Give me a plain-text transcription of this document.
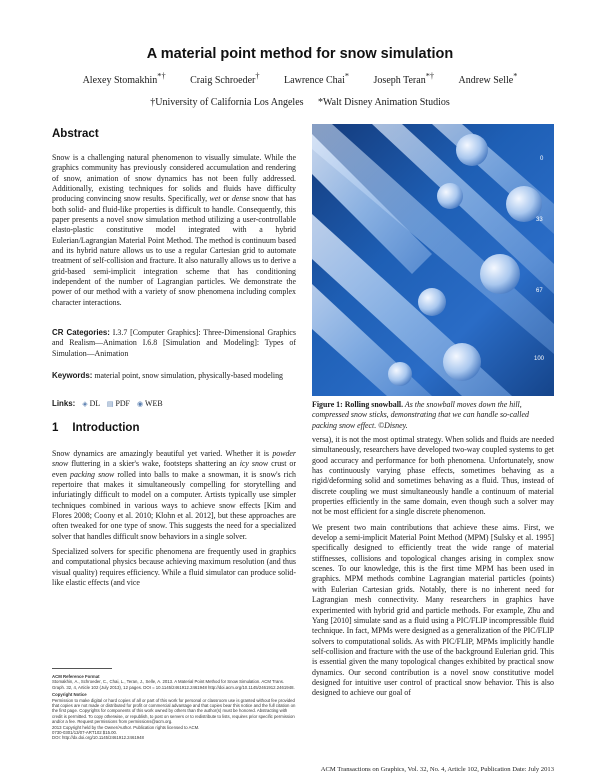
A material point method for snow simulation
Alexey Stomakhin*† Craig Schroeder† Lawrence Chai* Joseph Teran*† Andrew Selle*
†University of California Los Angeles *Walt Disney Animation Studios
Abstract
Snow is a challenging natural phenomenon to visually simulate. While the graphics community has previously considered accumulation and rendering of snow, animation of snow dynamics has not been fully addressed. Additionally, existing techniques for solids and fluids have difficulty producing convincing snow results. Specifically, wet or dense snow that has both solid- and fluid-like properties is difficult to handle. Consequently, this paper presents a novel snow simulation method utilizing a user-controllable elasto-plastic constitutive model integrated with a hybrid Eulerian/Lagrangian Material Point Method. The method is continuum based and its hybrid nature allows us to use a regular Cartesian grid to automate treatment of self-collision and fracture. It also naturally allows us to derive a grid-based semi-implicit integration scheme that has conditioning independent of the number of Lagrangian particles. We demonstrate the power of our method with a variety of snow phenomena including complex character interactions.
CR Categories: I.3.7 [Computer Graphics]: Three-Dimensional Graphics and Realism—Animation I.6.8 [Simulation and Modeling]: Types of Simulation—Animation
Keywords: material point, snow simulation, physically-based modeling
Links: ◈ DL ▤ PDF ◉ WEB
1 Introduction

Snow dynamics are amazingly beautiful yet varied. Whether it is powder snow fluttering in a skier's wake, footsteps shattering an icy snow crust or even packing snow rolled into balls to make a snowman, it is snow's rich repertoire that makes it simultaneously compelling for storytelling and infuriatingly difficult to model on a computer. Artists typically use simpler techniques combined in various ways to achieve snow effects [Kim and Flores 2008; Coony et al. 2010; Klohn et al. 2012], but these approaches are often tweaked for one type of snow. This suggests the need for a specialized solver that handles difficult snow behaviors in a single solver.

Specialized solvers for specific phenomena are frequently used in graphics and computational physics because achieving maximum resolution (and thus visual quality) requires efficiency. While a fluid simulator can produce solid-like elastic effects (and vice

ACM Reference Format
Stomakhin, A., Schroeder, C., Chai, L., Teran, J., Selle, A. 2013. A Material Point Method for Snow Simulation. ACM Trans. Graph. 32, 4, Article 102 (July 2013), 12 pages. DOI = 10.1145/2461912.2461948 http://doi.acm.org/10.1145/2461912.2461948.
Copyright Notice
Permission to make digital or hard copies of all or part of this work for personal or classroom use is granted without fee provided that copies are not made or distributed for profit or commercial advantage and that copies bear this notice and the full citation on the first page. Copyrights for components of this work owned by others than the author(s) must be honored. Abstracting with credit is permitted. To copy otherwise, or republish, to post on servers or to redistribute to lists, requires prior specific permission and/or a fee. Request permissions from permissions@acm.org.
2013 Copyright held by the Owner/Author. Publication rights licensed to ACM.
0730-0301/13/07-ART102 $15.00.
DOI: http://dx.doi.org/10.1145/2461912.2461948
0
33
67
100
Figure 1: Rolling snowball. As the snowball moves down the hill, compressed snow sticks, demonstrating that we can handle so-called packing snow effect. ©Disney.

versa), it is not the most optimal strategy. When solids and fluids are needed simultaneously, researchers have developed two-way coupled systems to get good accuracy and performance for both phenomena. Unfortunately, snow has continuously varying phase effects, sometimes behaving as a rigid/deforming solid and sometimes behaving as a fluid. Thus, instead of discrete coupling we must simultaneously handle a continuum of material properties efficiently in the same domain, even though such a solver may not be most efficient for a single discrete phenomenon.

We present two main contributions that achieve these aims. First, we develop a semi-implicit Material Point Method (MPM) [Sulsky et al. 1995] specifically designed to efficiently treat the wide range of material stiffnesses, collisions and topological changes arising in complex snow scenes. To our knowledge, this is the first time MPM has been used in graphics. MPM methods combine Lagrangian material particles (points) with Eulerian Cartesian grids. Notably, there is no inherent need for Lagrangian mesh connectivity. Many researchers in graphics have experimented with hybrid grid and particle methods. For example, Zhu and Yang [2010] simulate sand as a fluid using a PIC/FLIP incompressible fluid technique. In fact, MPMs were designed as a generalization of the PIC/FLIP solvers to computational solids. As with PIC/FLIP, MPMs implicitly handle self-collision and fracture with the use of the background Eulerian grid. This is essential given the many topological changes exhibited by practical snow dynamics. Our second contribution is a novel snow constitutive model designed for intuitive user control of practical snow behavior. This is also designed to achieve our goal of

ACM Transactions on Graphics, Vol. 32, No. 4, Article 102, Publication Date: July 2013
